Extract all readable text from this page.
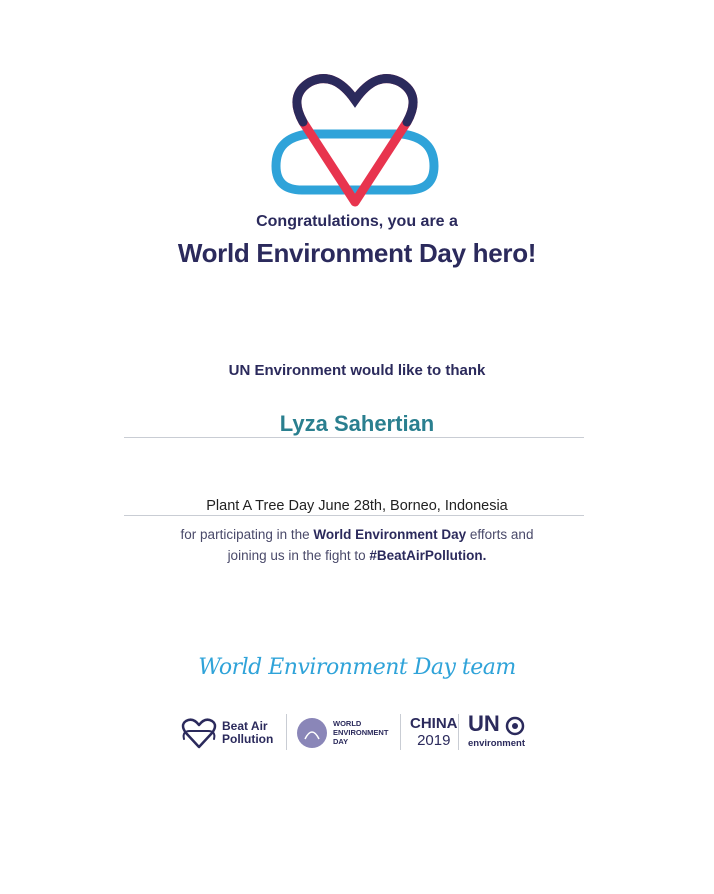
Congratulations, you are a
World Environment Day hero!
UN Environment would like to thank
Lyza Sahertian
Plant A Tree Day June 28th, Borneo, Indonesia
for participating in the World Environment Day efforts and
joining us in the fight to #BeatAirPollution.
World Environment Day team
Beat Air
Pollution
WORLD
ENVIRONMENT
DAY
CHINA
2019
UN
environment
